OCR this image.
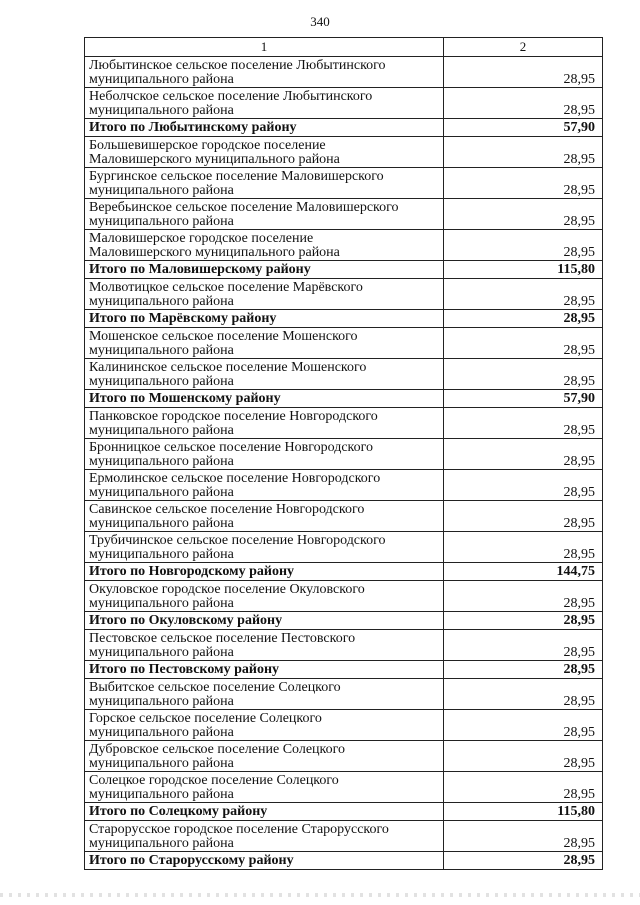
340
1	2

Любытинское сельское поселение Любытинского
муниципального района	28,95

Неболчское сельское поселение Любытинского
муниципального района	28,95

Итого по Любытинскому району	57,90

Большевишерское городское поселение
Маловишерского муниципального района	28,95

Бургинское сельское поселение Маловишерского
муниципального района	28,95

Веребьинское сельское поселение Маловишерского
муниципального района	28,95

Маловишерское городское поселение
Маловишерского муниципального района	28,95

Итого по Маловишерскому району	115,80

Молвотицкое сельское поселение Марёвского
муниципального района	28,95

Итого по Марёвскому району	28,95

Мошенское сельское поселение Мошенского
муниципального района	28,95

Калининское сельское поселение Мошенского
муниципального района	28,95

Итого по Мошенскому району	57,90

Панковское городское поселение Новгородского
муниципального района	28,95

Бронницкое сельское поселение Новгородского
муниципального района	28,95

Ермолинское сельское поселение Новгородского
муниципального района	28,95

Савинское сельское поселение Новгородского
муниципального района	28,95

Трубичинское сельское поселение Новгородского
муниципального района	28,95

Итого по Новгородскому району	144,75

Окуловское городское поселение Окуловского
муниципального района	28,95

Итого по Окуловскому району	28,95

Пестовское сельское поселение Пестовского
муниципального района	28,95

Итого по Пестовскому району	28,95

Выбитское сельское поселение Солецкого
муниципального района	28,95

Горское сельское поселение Солецкого
муниципального района	28,95

Дубровское сельское поселение Солецкого
муниципального района	28,95

Солецкое городское поселение Солецкого
муниципального района	28,95

Итого по Солецкому району	115,80

Старорусское городское поселение Старорусского
муниципального района	28,95

Итого по Старорусскому району	28,95
